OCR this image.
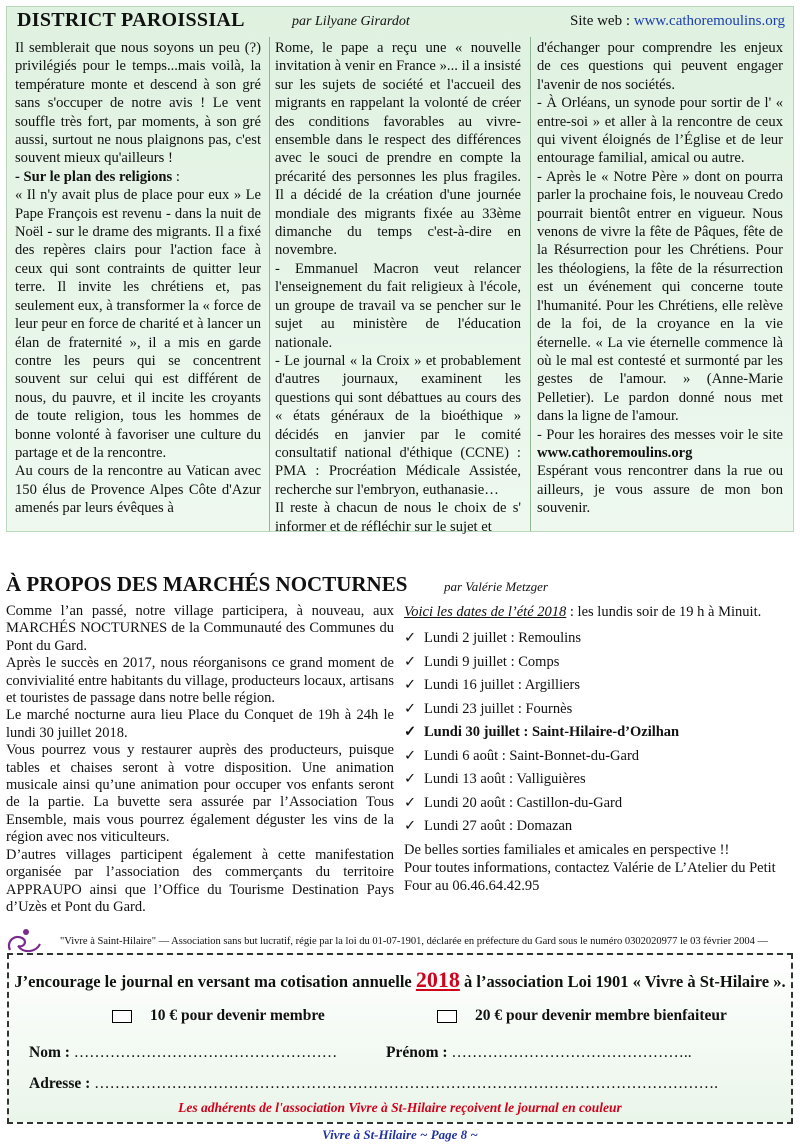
DISTRICT PAROISSIAL	par Lilyane Girardot	Site web : www.cathoremoulins.org

Il semblerait que nous soyons un peu (?) privilégiés pour le temps...mais voilà, la température monte et descend à son gré sans s'occuper de notre avis ! Le vent souffle très fort, par moments, à son gré aussi, surtout ne nous plaignons pas, c'est souvent mieux qu'ailleurs !

- Sur le plan des religions :

« Il n'y avait plus de place pour eux » Le Pape François est revenu - dans la nuit de Noël - sur le drame des migrants. Il a fixé des repères clairs pour l'action face à ceux qui sont contraints de quitter leur terre. Il invite les chrétiens et, pas seulement eux, à transformer la « force de leur peur en force de charité et à lancer un élan de fraternité », il a mis en garde contre les peurs qui se concentrent souvent sur celui qui est différent de nous, du pauvre, et il incite les croyants de toute religion, tous les hommes de bonne volonté à favoriser une culture du partage et de la rencontre.

Au cours de la rencontre au Vatican avec 150 élus de Provence Alpes Côte d'Azur amenés par leurs évêques à

Rome, le pape a reçu une « nouvelle invitation à venir en France »... il a insisté sur les sujets de société et l'accueil des migrants en rappelant la volonté de créer des conditions favorables au vivre-ensemble dans le respect des différences avec le souci de prendre en compte la précarité des personnes les plus fragiles. Il a décidé de la création d'une journée mondiale des migrants fixée au 33ème dimanche du temps c'est-à-dire en novembre.

- Emmanuel Macron veut relancer l'enseignement du fait religieux à l'école, un groupe de travail va se pencher sur le sujet au ministère de l'éducation nationale.

- Le journal « la Croix » et probablement d'autres journaux, examinent les questions qui sont débattues au cours des « états généraux de la bioéthique » décidés en janvier par le comité consultatif national d'éthique (CCNE) : PMA : Procréation Médicale Assistée, recherche sur l'embryon, euthanasie…

Il reste à chacun de nous le choix de s' informer et de réfléchir sur le sujet et

d'échanger pour comprendre les enjeux de ces questions qui peuvent engager l'avenir de nos sociétés.

- À Orléans, un synode pour sortir de l' « entre-soi » et aller à la rencontre de ceux qui vivent éloignés de l’Église et de leur entourage familial, amical ou autre.

- Après le « Notre Père » dont on pourra parler la prochaine fois, le nouveau Credo pourrait bientôt entrer en vigueur. Nous venons de vivre la fête de Pâques, fête de la Résurrection pour les Chrétiens. Pour les théologiens, la fête de la résurrection est un événement qui concerne toute l'humanité. Pour les Chrétiens, elle relève de la foi, de la croyance en la vie éternelle. « La vie éternelle commence là où le mal est contesté et surmonté par les gestes de l'amour. » (Anne-Marie Pelletier). Le pardon donné nous met dans la ligne de l'amour.

- Pour les horaires des messes voir le site www.cathoremoulins.org

Espérant vous rencontrer dans la rue ou ailleurs, je vous assure de mon bon souvenir.

À PROPOS DES MARCHÉS NOCTURNES	par Valérie Metzger

Comme l’an passé, notre village participera, à nouveau, aux MARCHÉS NOCTURNES de la Communauté des Communes du Pont du Gard.

Après le succès en 2017, nous réorganisons ce grand moment de convivialité entre habitants du village, producteurs locaux, artisans et touristes de passage dans notre belle région.

Le marché nocturne aura lieu Place du Conquet de 19h à 24h le lundi 30 juillet 2018.

Vous pourrez vous y restaurer auprès des producteurs, puisque tables et chaises seront à votre disposition. Une animation musicale ainsi qu’une animation pour occuper vos enfants seront de la partie. La buvette sera assurée par l’Association Tous Ensemble, mais vous pourrez également déguster les vins de la région avec nos viticulteurs.

D’autres villages participent également à cette manifestation organisée par l’association des commerçants du territoire APPRAUPO ainsi que l’Office du Tourisme Destination Pays d’Uzès et Pont du Gard.

Voici les dates de l’été 2018 : les lundis soir de 19 h à Minuit.
✓ Lundi 2 juillet : Remoulins
✓ Lundi 9 juillet : Comps
✓ Lundi 16 juillet : Argilliers
✓ Lundi 23 juillet : Fournès
✓ Lundi 30 juillet : Saint-Hilaire-d’Ozilhan
✓ Lundi 6 août : Saint-Bonnet-du-Gard
✓ Lundi 13 août : Valliguières
✓ Lundi 20 août : Castillon-du-Gard
✓ Lundi 27 août : Domazan

De belles sorties familiales et amicales en perspective !!

Pour toutes informations, contactez Valérie de L’Atelier du Petit Four au 06.46.64.42.95

"Vivre à Saint-Hilaire" — Association sans but lucratif, régie par la loi du 01-07-1901, déclarée en préfecture du Gard sous le numéro 0302020977 le 03 février 2004 —
J’encourage le journal en versant ma cotisation annuelle 2018 à l’association Loi 1901 « Vivre à St-Hilaire ».
10 € pour devenir membre	20 € pour devenir membre bienfaiteur
Nom : ……………………………………………	Prénom : ………………………………………..
Adresse : ………………………………………………………………………………………………………….
Les adhérents de l'association Vivre à St-Hilaire reçoivent le journal en couleur
Vivre à St-Hilaire ~ Page 8 ~
